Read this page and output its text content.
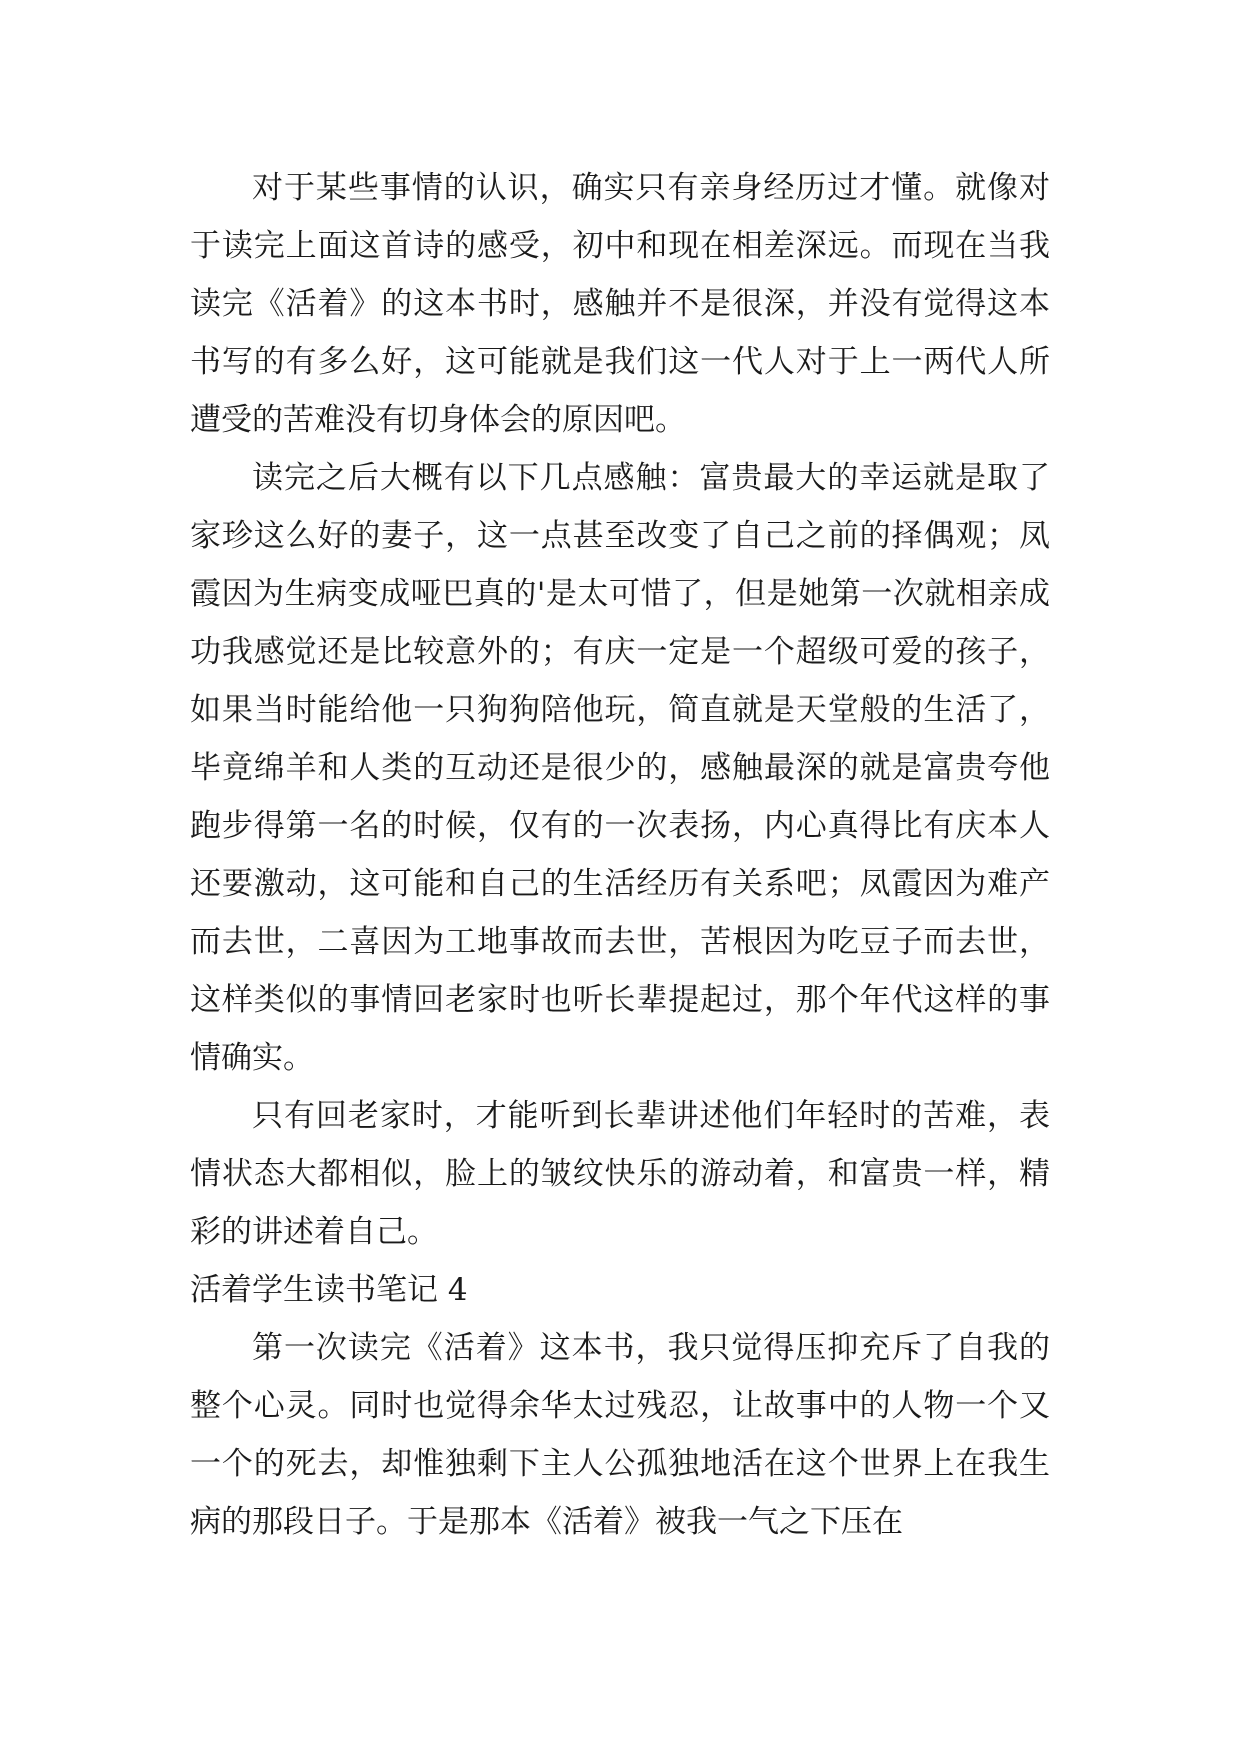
对于某些事情的认识，确实只有亲身经历过才懂。就像对于读完上面这首诗的感受，初中和现在相差深远。而现在当我读完《活着》的这本书时，感触并不是很深，并没有觉得这本书写的有多么好，这可能就是我们这一代人对于上一两代人所遭受的苦难没有切身体会的原因吧。

读完之后大概有以下几点感触：富贵最大的幸运就是取了家珍这么好的妻子，这一点甚至改变了自己之前的择偶观；凤霞因为生病变成哑巴真的'是太可惜了，但是她第一次就相亲成功我感觉还是比较意外的；有庆一定是一个超级可爱的孩子，如果当时能给他一只狗狗陪他玩，简直就是天堂般的生活了，毕竟绵羊和人类的互动还是很少的，感触最深的就是富贵夸他跑步得第一名的时候，仅有的一次表扬，内心真得比有庆本人还要激动，这可能和自己的生活经历有关系吧；凤霞因为难产而去世，二喜因为工地事故而去世，苦根因为吃豆子而去世，这样类似的事情回老家时也听长辈提起过，那个年代这样的事情确实。

只有回老家时，才能听到长辈讲述他们年轻时的苦难，表情状态大都相似，脸上的皱纹快乐的游动着，和富贵一样，精彩的讲述着自己。

活着学生读书笔记 4

第一次读完《活着》这本书，我只觉得压抑充斥了自我的整个心灵。同时也觉得余华太过残忍，让故事中的人物一个又一个的死去，却惟独剩下主人公孤独地活在这个世界上在我生病的那段日子。于是那本《活着》被我一气之下压在
